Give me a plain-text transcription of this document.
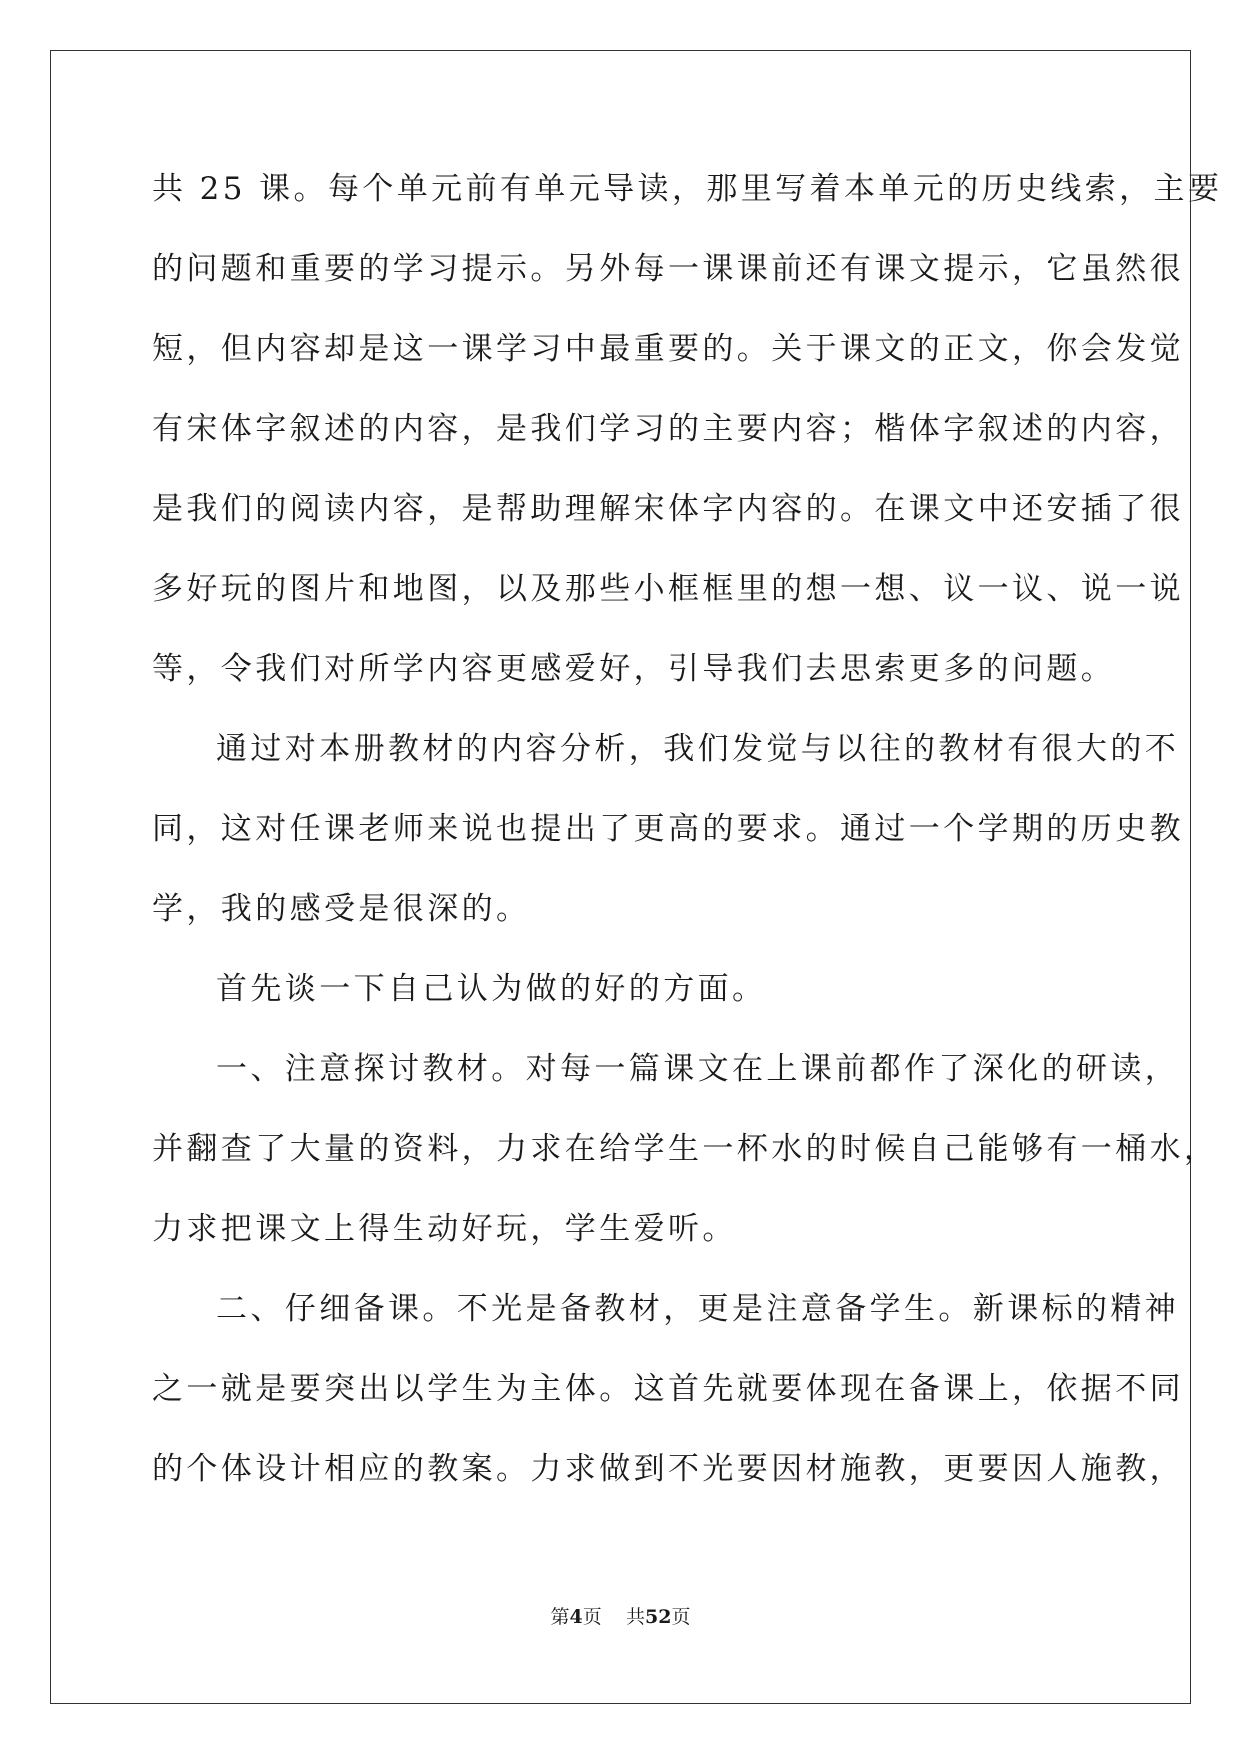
共 25 课。每个单元前有单元导读，那里写着本单元的历史线索，主要
的问题和重要的学习提示。另外每一课课前还有课文提示，它虽然很
短，但内容却是这一课学习中最重要的。关于课文的正文，你会发觉
有宋体字叙述的内容，是我们学习的主要内容；楷体字叙述的内容，
是我们的阅读内容，是帮助理解宋体字内容的。在课文中还安插了很
多好玩的图片和地图，以及那些小框框里的想一想、议一议、说一说
等，令我们对所学内容更感爱好，引导我们去思索更多的问题。
通过对本册教材的内容分析，我们发觉与以往的教材有很大的不
同，这对任课老师来说也提出了更高的要求。通过一个学期的历史教
学，我的感受是很深的。
首先谈一下自己认为做的好的方面。
一、注意探讨教材。对每一篇课文在上课前都作了深化的研读，
并翻查了大量的资料，力求在给学生一杯水的时候自己能够有一桶水，
力求把课文上得生动好玩，学生爱听。
二、仔细备课。不光是备教材，更是注意备学生。新课标的精神
之一就是要突出以学生为主体。这首先就要体现在备课上，依据不同
的个体设计相应的教案。力求做到不光要因材施教，更要因人施教，
第4页 共52页
